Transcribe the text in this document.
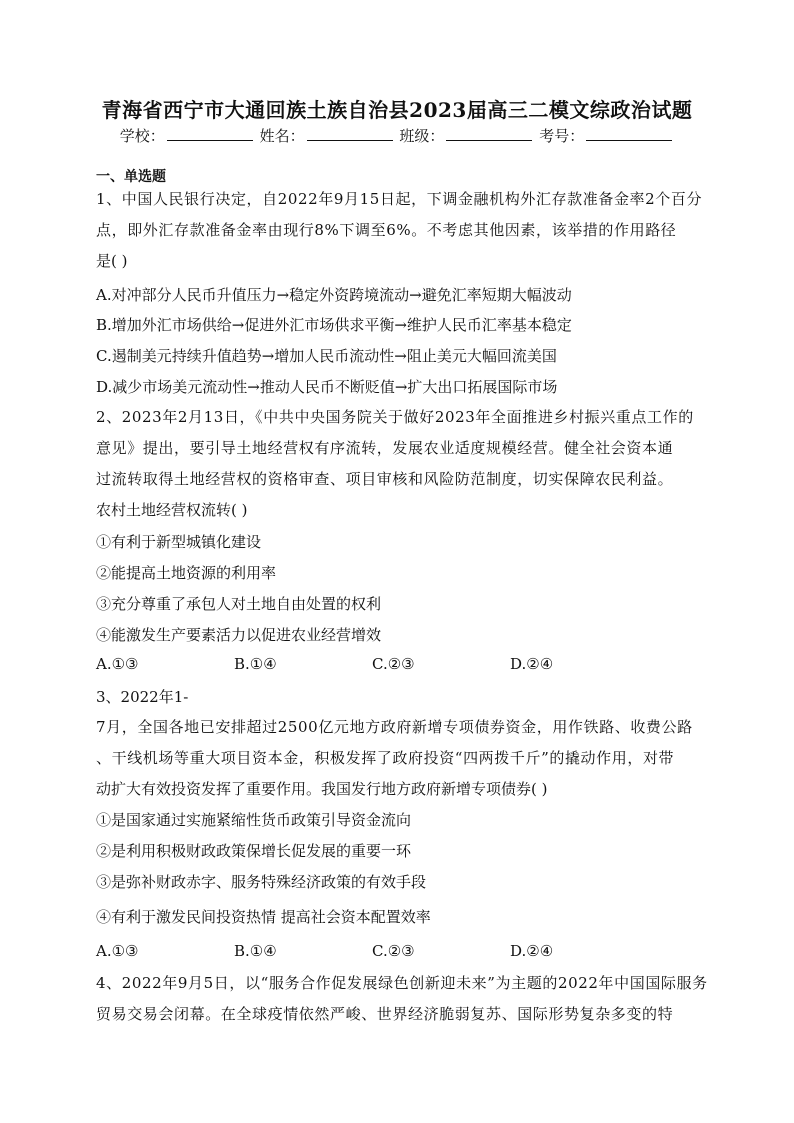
青海省西宁市大通回族土族自治县2023届高三二模文综政治试题
学校：	姓名：	班级：	考号：
一、单选题
1、中国人民银行决定，自2022年9月15日起，下调金融机构外汇存款准备金率2个百分
点，即外汇存款准备金率由现行8%下调至6%。不考虑其他因素，该举措的作用路径
是( )
A.对冲部分人民币升值压力→稳定外资跨境流动→避免汇率短期大幅波动
B.增加外汇市场供给→促进外汇市场供求平衡→维护人民币汇率基本稳定
C.遏制美元持续升值趋势→增加人民币流动性→阻止美元大幅回流美国
D.减少市场美元流动性→推动人民币不断贬值→扩大出口拓展国际市场
2、2023年2月13日，《中共中央国务院关于做好2023年全面推进乡村振兴重点工作的
意见》提出，要引导土地经营权有序流转，发展农业适度规模经营。健全社会资本通
过流转取得土地经营权的资格审查、项目审核和风险防范制度，切实保障农民利益。
农村土地经营权流转( )
①有利于新型城镇化建设
②能提高土地资源的利用率
③充分尊重了承包人对土地自由处置的权利
④能激发生产要素活力以促进农业经营增效
A.①③	B.①④	C.②③	D.②④
3、2022年1-
7月，全国各地已安排超过2500亿元地方政府新增专项债券资金，用作铁路、收费公路
、干线机场等重大项目资本金，积极发挥了政府投资“四两拨千斤”的撬动作用，对带
动扩大有效投资发挥了重要作用。我国发行地方政府新增专项债券( )
①是国家通过实施紧缩性货币政策引导资金流向
②是利用积极财政政策保增长促发展的重要一环
③是弥补财政赤字、服务特殊经济政策的有效手段
④有利于激发民间投资热情 提高社会资本配置效率
A.①③	B.①④	C.②③	D.②④
4、2022年9月5日，以“服务合作促发展绿色创新迎未来”为主题的2022年中国国际服务
贸易交易会闭幕。在全球疫情依然严峻、世界经济脆弱复苏、国际形势复杂多变的特
